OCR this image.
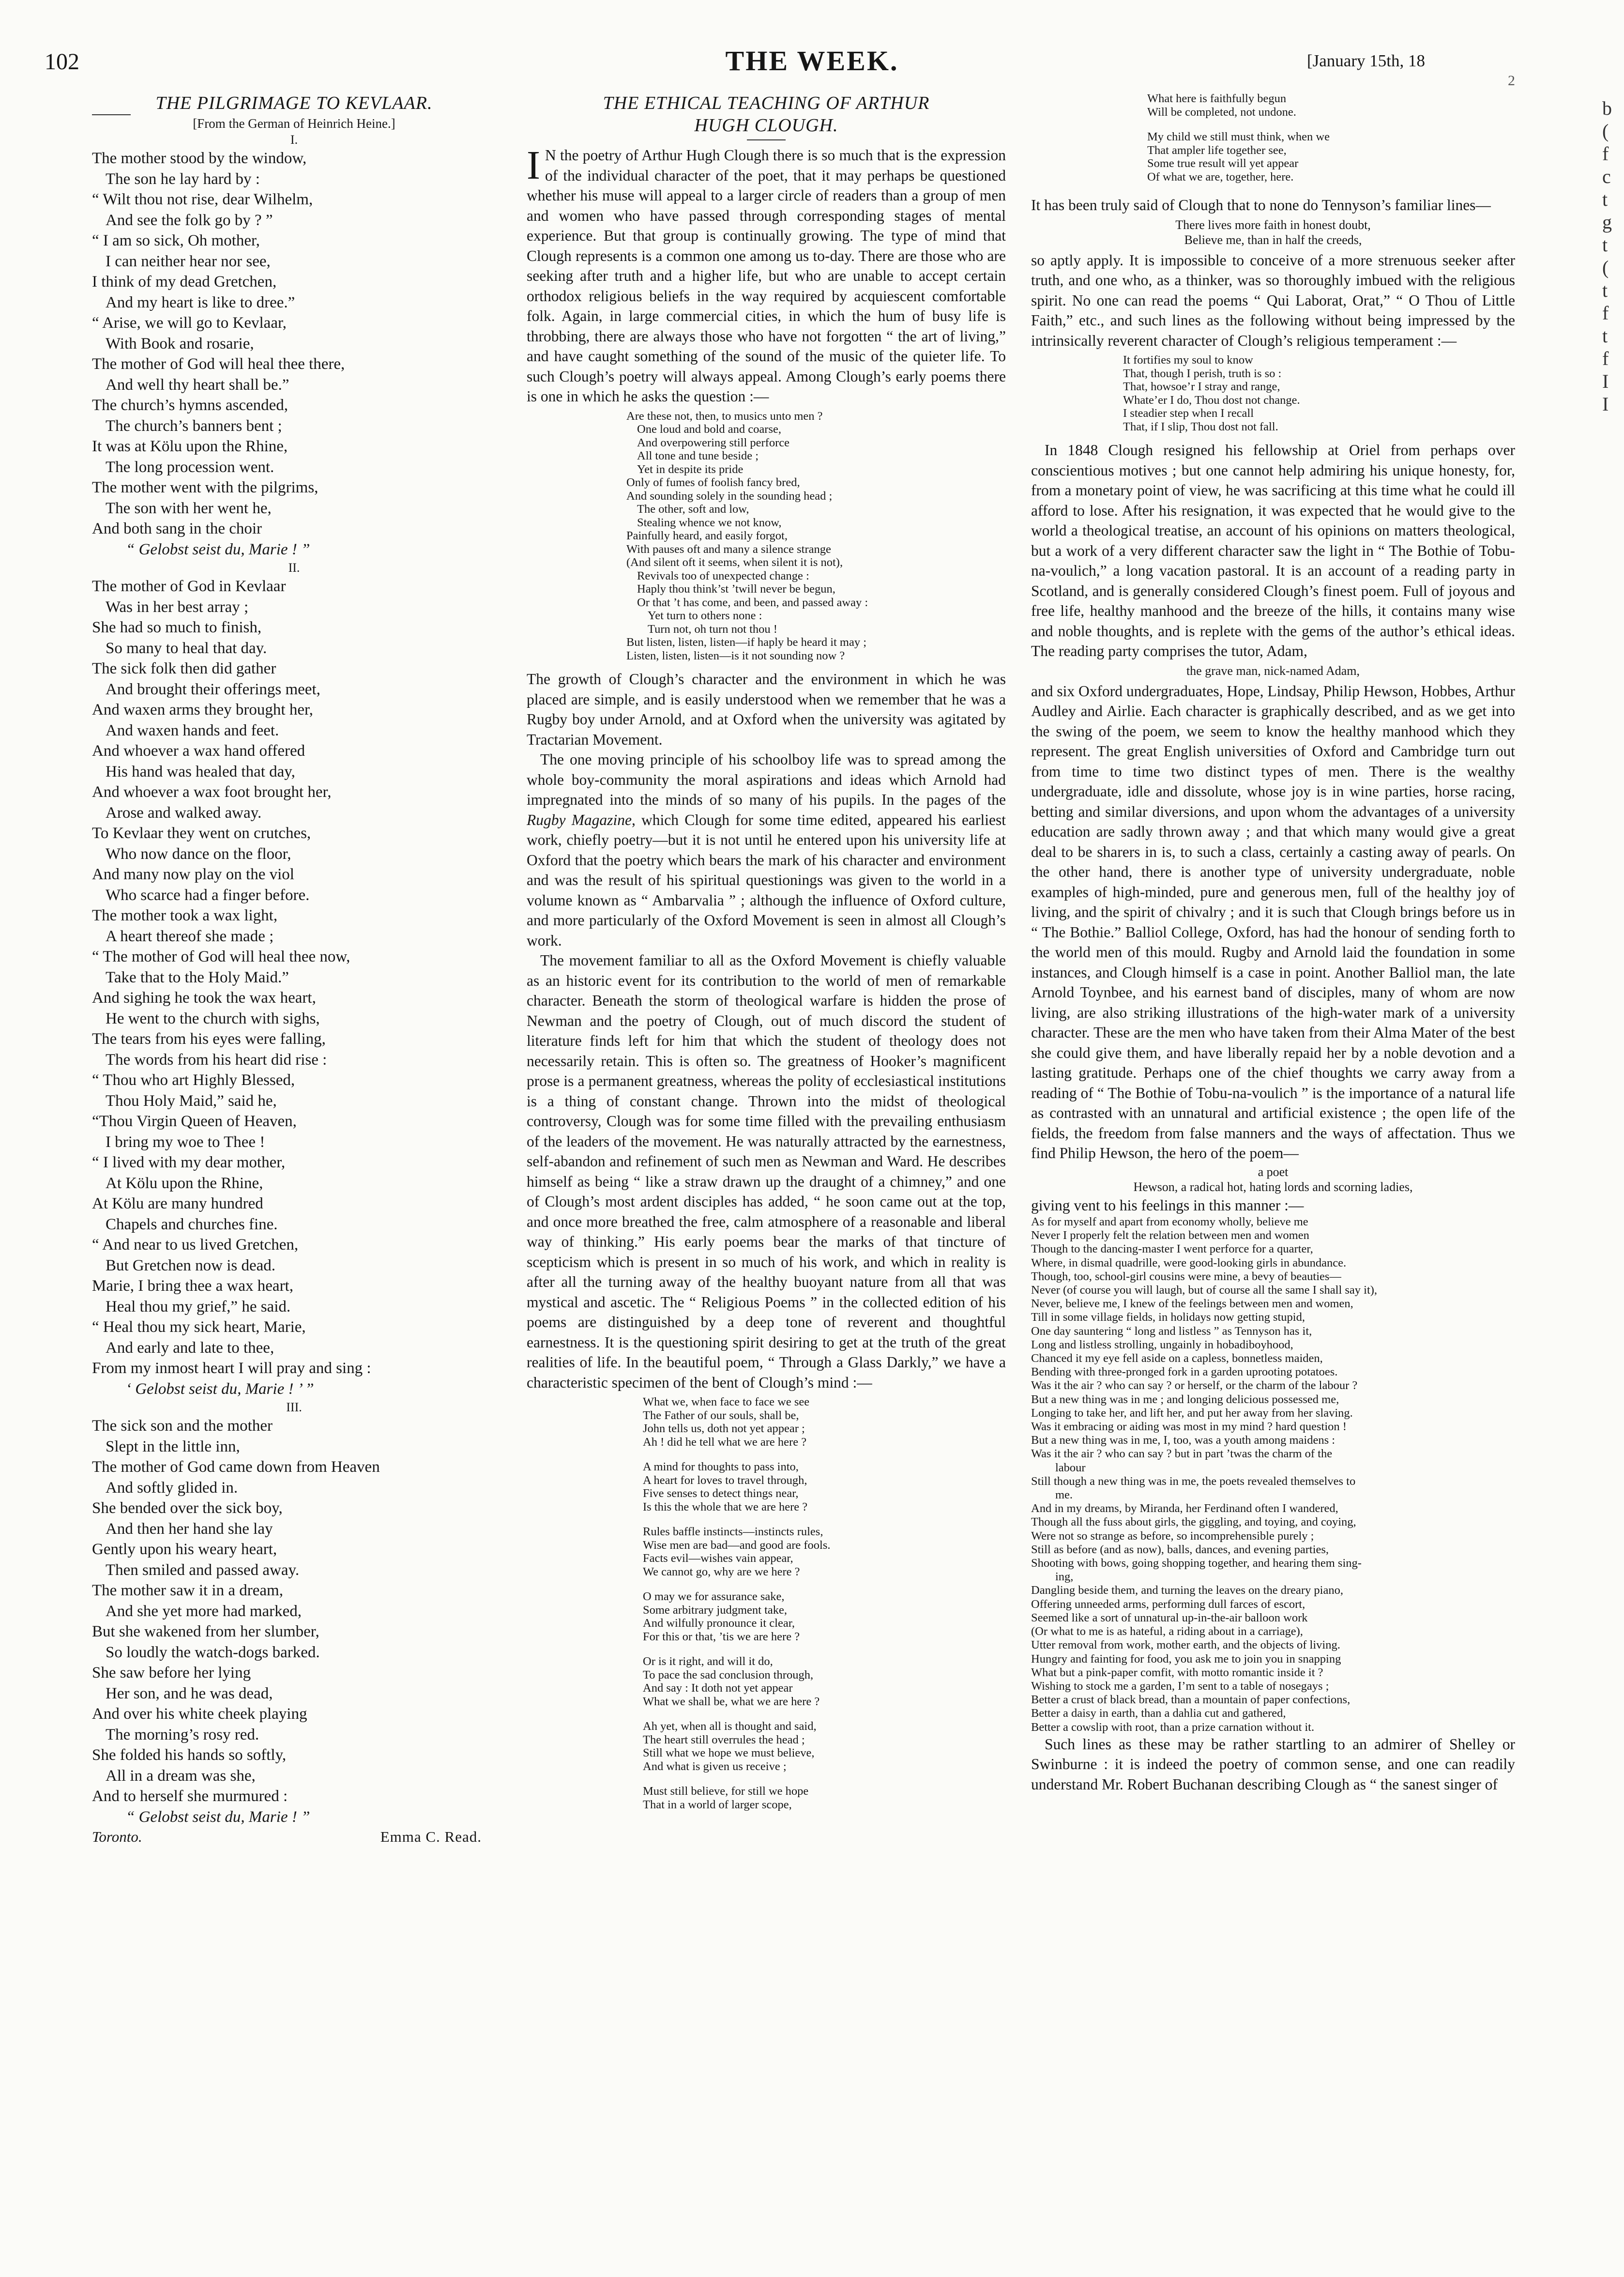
102	THE WEEK.	[January 15th, 18
2
b
(
f
c
t
g
t
(
t
f
t
f
I
I
THE PILGRIMAGE TO KEVLAAR.
[From the German of Heinrich Heine.]
I.
The mother stood by the window,
The son he lay hard by :
“ Wilt thou not rise, dear Wilhelm,
And see the folk go by ? ”
“ I am so sick, Oh mother,
I can neither hear nor see,
I think of my dead Gretchen,
And my heart is like to dree.”
“ Arise, we will go to Kevlaar,
With Book and rosarie,
The mother of God will heal thee there,
And well thy heart shall be.”
The church’s hymns ascended,
The church’s banners bent ;
It was at Kölu upon the Rhine,
The long procession went.
The mother went with the pilgrims,
The son with her went he,
And both sang in the choir
“ Gelobst seist du, Marie ! ”
II.
The mother of God in Kevlaar
Was in her best array ;
She had so much to finish,
So many to heal that day.
The sick folk then did gather
And brought their offerings meet,
And waxen arms they brought her,
And waxen hands and feet.
And whoever a wax hand offered
His hand was healed that day,
And whoever a wax foot brought her,
Arose and walked away.
To Kevlaar they went on crutches,
Who now dance on the floor,
And many now play on the viol
Who scarce had a finger before.
The mother took a wax light,
A heart thereof she made ;
“ The mother of God will heal thee now,
Take that to the Holy Maid.”
And sighing he took the wax heart,
He went to the church with sighs,
The tears from his eyes were falling,
The words from his heart did rise :
“ Thou who art Highly Blessed,
Thou Holy Maid,” said he,
“Thou Virgin Queen of Heaven,
I bring my woe to Thee !
“ I lived with my dear mother,
At Kölu upon the Rhine,
At Kölu are many hundred
Chapels and churches fine.
“ And near to us lived Gretchen,
But Gretchen now is dead.
Marie, I bring thee a wax heart,
Heal thou my grief,” he said.
“ Heal thou my sick heart, Marie,
And early and late to thee,
From my inmost heart I will pray and sing :
‘ Gelobst seist du, Marie ! ’ ”
III.
The sick son and the mother
Slept in the little inn,
The mother of God came down from Heaven
And softly glided in.
She bended over the sick boy,
And then her hand she lay
Gently upon his weary heart,
Then smiled and passed away.
The mother saw it in a dream,
And she yet more had marked,
But she wakened from her slumber,
So loudly the watch-dogs barked.
She saw before her lying
Her son, and he was dead,
And over his white cheek playing
The morning’s rosy red.
She folded his hands so softly,
All in a dream was she,
And to herself she murmured :
“ Gelobst seist du, Marie ! ”
Toronto.	Emma C. Read.
THE ETHICAL TEACHING OF ARTHUR
HUGH CLOUGH.

I N the poetry of Arthur Hugh Clough there is so much that is the expression of the individual character of the poet, that it may perhaps be questioned whether his muse will appeal to a larger circle of readers than a group of men and women who have passed through corresponding stages of mental experience. But that group is continually growing. The type of mind that Clough represents is a common one among us to-day. There are those who are seeking after truth and a higher life, but who are unable to accept certain orthodox religious beliefs in the way required by acquiescent comfortable folk. Again, in large commercial cities, in which the hum of busy life is throbbing, there are always those who have not forgotten “ the art of living,” and have caught something of the sound of the music of the quieter life. To such Clough’s poetry will always appeal. Among Clough’s early poems there is one in which he asks the question :—

Are these not, then, to musics unto men ?
One loud and bold and coarse,
And overpowering still perforce
All tone and tune beside ;
Yet in despite its pride
Only of fumes of foolish fancy bred,
And sounding solely in the sounding head ;
The other, soft and low,
Stealing whence we not know,
Painfully heard, and easily forgot,
With pauses oft and many a silence strange
(And silent oft it seems, when silent it is not),
Revivals too of unexpected change :
Haply thou think’st ’twill never be begun,
Or that ’t has come, and been, and passed away :
Yet turn to others none :
Turn not, oh turn not thou !
But listen, listen, listen—if haply be heard it may ;
Listen, listen, listen—is it not sounding now ?

The growth of Clough’s character and the environment in which he was placed are simple, and is easily understood when we remember that he was a Rugby boy under Arnold, and at Oxford when the university was agitated by Tractarian Movement.

The one moving principle of his schoolboy life was to spread among the whole boy-community the moral aspirations and ideas which Arnold had impregnated into the minds of so many of his pupils. In the pages of the Rugby Magazine, which Clough for some time edited, appeared his earliest work, chiefly poetry—but it is not until he entered upon his university life at Oxford that the poetry which bears the mark of his character and environment and was the result of his spiritual questionings was given to the world in a volume known as “ Ambarvalia ” ; although the influence of Oxford culture, and more particularly of the Oxford Movement is seen in almost all Clough’s work.

The movement familiar to all as the Oxford Movement is chiefly valuable as an historic event for its contribution to the world of men of remarkable character. Beneath the storm of theological warfare is hidden the prose of Newman and the poetry of Clough, out of much discord the student of literature finds left for him that which the student of theology does not necessarily retain. This is often so. The greatness of Hooker’s magnificent prose is a permanent greatness, whereas the polity of ecclesiastical institutions is a thing of constant change. Thrown into the midst of theological controversy, Clough was for some time filled with the prevailing enthusiasm of the leaders of the movement. He was naturally attracted by the earnestness, self-abandon and refinement of such men as Newman and Ward. He describes himself as being “ like a straw drawn up the draught of a chimney,” and one of Clough’s most ardent disciples has added, “ he soon came out at the top, and once more breathed the free, calm atmosphere of a reasonable and liberal way of thinking.” His early poems bear the marks of that tincture of scepticism which is present in so much of his work, and which in reality is after all the turning away of the healthy buoyant nature from all that was mystical and ascetic. The “ Religious Poems ” in the collected edition of his poems are distinguished by a deep tone of reverent and thoughtful earnestness. It is the questioning spirit desiring to get at the truth of the great realities of life. In the beautiful poem, “ Through a Glass Darkly,” we have a characteristic specimen of the bent of Clough’s mind :—

What we, when face to face we see
The Father of our souls, shall be,
John tells us, doth not yet appear ;
Ah ! did he tell what we are here ?
A mind for thoughts to pass into,
A heart for loves to travel through,
Five senses to detect things near,
Is this the whole that we are here ?
Rules baffle instincts—instincts rules,
Wise men are bad—and good are fools.
Facts evil—wishes vain appear,
We cannot go, why are we here ?
O may we for assurance sake,
Some arbitrary judgment take,
And wilfully pronounce it clear,
For this or that, ’tis we are here ?
Or is it right, and will it do,
To pace the sad conclusion through,
And say : It doth not yet appear
What we shall be, what we are here ?
Ah yet, when all is thought and said,
The heart still overrules the head ;
Still what we hope we must believe,
And what is given us receive ;
Must still believe, for still we hope
That in a world of larger scope,
What here is faithfully begun
Will be completed, not undone.
My child we still must think, when we
That ampler life together see,
Some true result will yet appear
Of what we are, together, here.

It has been truly said of Clough that to none do Tennyson’s familiar lines—

There lives more faith in honest doubt,
Believe me, than in half the creeds,

so aptly apply. It is impossible to conceive of a more strenuous seeker after truth, and one who, as a thinker, was so thoroughly imbued with the religious spirit. No one can read the poems “ Qui Laborat, Orat,” “ O Thou of Little Faith,” etc., and such lines as the following without being impressed by the intrinsically reverent character of Clough’s religious temperament :—

It fortifies my soul to know
That, though I perish, truth is so :
That, howsoe’r I stray and range,
Whate’er I do, Thou dost not change.
I steadier step when I recall
That, if I slip, Thou dost not fall.

In 1848 Clough resigned his fellowship at Oriel from perhaps over conscientious motives ; but one cannot help admiring his unique honesty, for, from a monetary point of view, he was sacrificing at this time what he could ill afford to lose. After his resignation, it was expected that he would give to the world a theological treatise, an account of his opinions on matters theological, but a work of a very different character saw the light in “ The Bothie of Tobu-na-voulich,” a long vacation pastoral. It is an account of a reading party in Scotland, and is generally considered Clough’s finest poem. Full of joyous and free life, healthy manhood and the breeze of the hills, it contains many wise and noble thoughts, and is replete with the gems of the author’s ethical ideas. The reading party comprises the tutor, Adam,

the grave man, nick-named Adam,

and six Oxford undergraduates, Hope, Lindsay, Philip Hewson, Hobbes, Arthur Audley and Airlie. Each character is graphically described, and as we get into the swing of the poem, we seem to know the healthy manhood which they represent. The great English universities of Oxford and Cambridge turn out from time to time two distinct types of men. There is the wealthy undergraduate, idle and dissolute, whose joy is in wine parties, horse racing, betting and similar diversions, and upon whom the advantages of a university education are sadly thrown away ; and that which many would give a great deal to be sharers in is, to such a class, certainly a casting away of pearls. On the other hand, there is another type of university undergraduate, noble examples of high-minded, pure and generous men, full of the healthy joy of living, and the spirit of chivalry ; and it is such that Clough brings before us in “ The Bothie.” Balliol College, Oxford, has had the honour of sending forth to the world men of this mould. Rugby and Arnold laid the foundation in some instances, and Clough himself is a case in point. Another Balliol man, the late Arnold Toynbee, and his earnest band of disciples, many of whom are now living, are also striking illustrations of the high-water mark of a university character. These are the men who have taken from their Alma Mater of the best she could give them, and have liberally repaid her by a noble devotion and a lasting gratitude. Perhaps one of the chief thoughts we carry away from a reading of “ The Bothie of Tobu-na-voulich ” is the importance of a natural life as contrasted with an unnatural and artificial existence ; the open life of the fields, the freedom from false manners and the ways of affectation. Thus we find Philip Hewson, the hero of the poem—

a poet
Hewson, a radical hot, hating lords and scorning ladies,

giving vent to his feelings in this manner :—

As for myself and apart from economy wholly, believe me
Never I properly felt the relation between men and women
Though to the dancing-master I went perforce for a quarter,
Where, in dismal quadrille, were good-looking girls in abundance.
Though, too, school-girl cousins were mine, a bevy of beauties—
Never (of course you will laugh, but of course all the same I shall say it),
Never, believe me, I knew of the feelings between men and women,
Till in some village fields, in holidays now getting stupid,
One day sauntering “ long and listless ” as Tennyson has it,
Long and listless strolling, ungainly in hobadiboyhood,
Chanced it my eye fell aside on a capless, bonnetless maiden,
Bending with three-pronged fork in a garden uprooting potatoes.
Was it the air ? who can say ? or herself, or the charm of the labour ?
But a new thing was in me ; and longing delicious possessed me,
Longing to take her, and lift her, and put her away from her slaving.
Was it embracing or aiding was most in my mind ? hard question !
But a new thing was in me, I, too, was a youth among maidens :
Was it the air ? who can say ? but in part ’twas the charm of the
labour
Still though a new thing was in me, the poets revealed themselves to
me.
And in my dreams, by Miranda, her Ferdinand often I wandered,
Though all the fuss about girls, the giggling, and toying, and coying,
Were not so strange as before, so incomprehensible purely ;
Still as before (and as now), balls, dances, and evening parties,
Shooting with bows, going shopping together, and hearing them sing-
ing,
Dangling beside them, and turning the leaves on the dreary piano,
Offering unneeded arms, performing dull farces of escort,
Seemed like a sort of unnatural up-in-the-air balloon work
(Or what to me is as hateful, a riding about in a carriage),
Utter removal from work, mother earth, and the objects of living.
Hungry and fainting for food, you ask me to join you in snapping
What but a pink-paper comfit, with motto romantic inside it ?
Wishing to stock me a garden, I’m sent to a table of nosegays ;
Better a crust of black bread, than a mountain of paper confections,
Better a daisy in earth, than a dahlia cut and gathered,
Better a cowslip with root, than a prize carnation without it.

Such lines as these may be rather startling to an admirer of Shelley or Swinburne : it is indeed the poetry of common sense, and one can readily understand Mr. Robert Buchanan describing Clough as “ the sanest singer of
